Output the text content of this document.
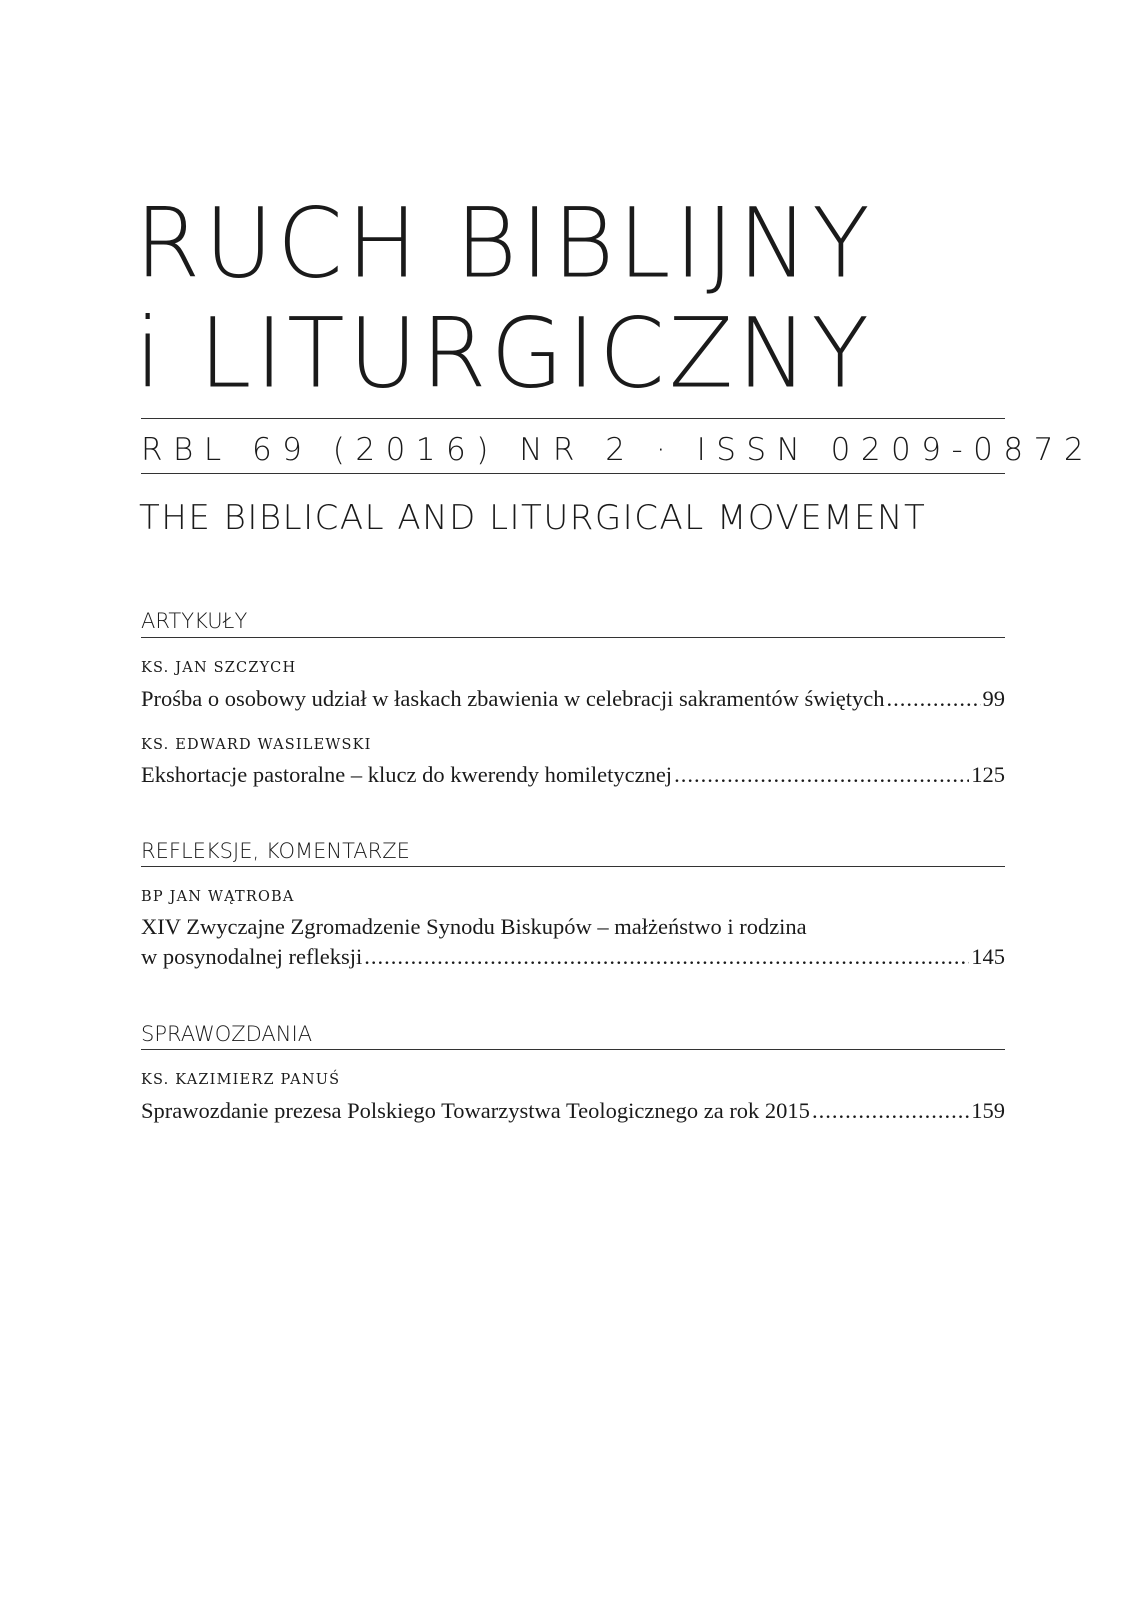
RUCH BIBLIJNY
i LITURGICZNY
RBL 69 (2016) NR 2 · ISSN 0209-0872
THE BIBLICAL AND LITURGICAL MOVEMENT
ARTYKUŁY
KS. JAN SZCZYCH
Prośba o osobowy udział w łaskach zbawienia w celebracji sakramentów świętych .....	99
KS. EDWARD WASILEWSKI
Ekshortacje pastoralne – klucz do kwerendy homiletycznej .....	125
REFLEKSJE, KOMENTARZE
BP JAN WĄTROBA
XIV Zwyczajne Zgromadzenie Synodu Biskupów – małżeństwo i rodzina
w posynodalnej refleksji .....	145
SPRAWOZDANIA
KS. KAZIMIERZ PANUŚ
Sprawozdanie prezesa Polskiego Towarzystwa Teologicznego za rok 2015 .....	159
